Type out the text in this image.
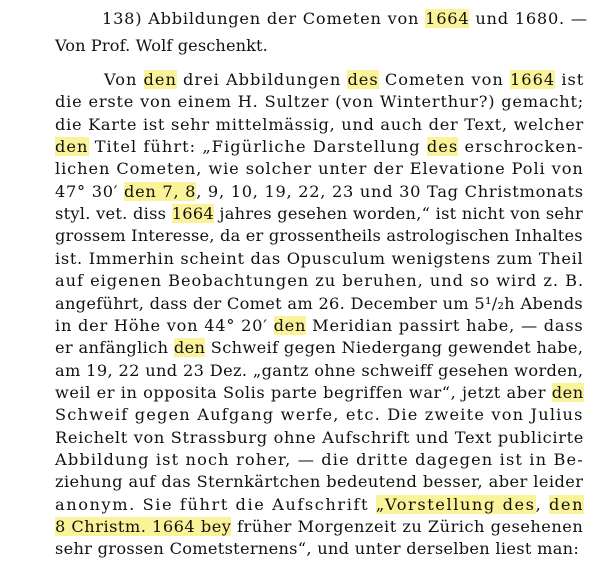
138) Abbildungen der Cometen von 1664 und 1680. —
Von Prof. Wolf geschenkt.
Von den drei Abbildungen des Cometen von 1664 ist
die erste von einem H. Sultzer (von Winterthur?) gemacht;
die Karte ist sehr mittelmässig, und auch der Text, welcher
den Titel führt: „Figürliche Darstellung des erschrocken-
lichen Cometen, wie solcher unter der Elevatione Poli von
47° 30′ den 7, 8, 9, 10, 19, 22, 23 und 30 Tag Christmonats
styl. vet. diss 1664 jahres gesehen worden,“ ist nicht von sehr
grossem Interesse, da er grossentheils astrologischen Inhaltes
ist. Immerhin scheint das Opusculum wenigstens zum Theil
auf eigenen Beobachtungen zu beruhen, und so wird z. B.
angeführt, dass der Comet am 26. December um 5¹/₂h Abends
in der Höhe von 44° 20′ den Meridian passirt habe, — dass
er anfänglich den Schweif gegen Niedergang gewendet habe,
am 19, 22 und 23 Dez. „gantz ohne schweiff gesehen worden,
weil er in opposita Solis parte begriffen war“, jetzt aber den
Schweif gegen Aufgang werfe, etc. Die zweite von Julius
Reichelt von Strassburg ohne Aufschrift und Text publicirte
Abbildung ist noch roher, — die dritte dagegen ist in Be-
ziehung auf das Sternkärtchen bedeutend besser, aber leider
anonym. Sie führt die Aufschrift „Vorstellung des, den
8 Christm. 1664 bey früher Morgenzeit zu Zürich gesehenen
sehr grossen Cometsternens“, und unter derselben liest man:
